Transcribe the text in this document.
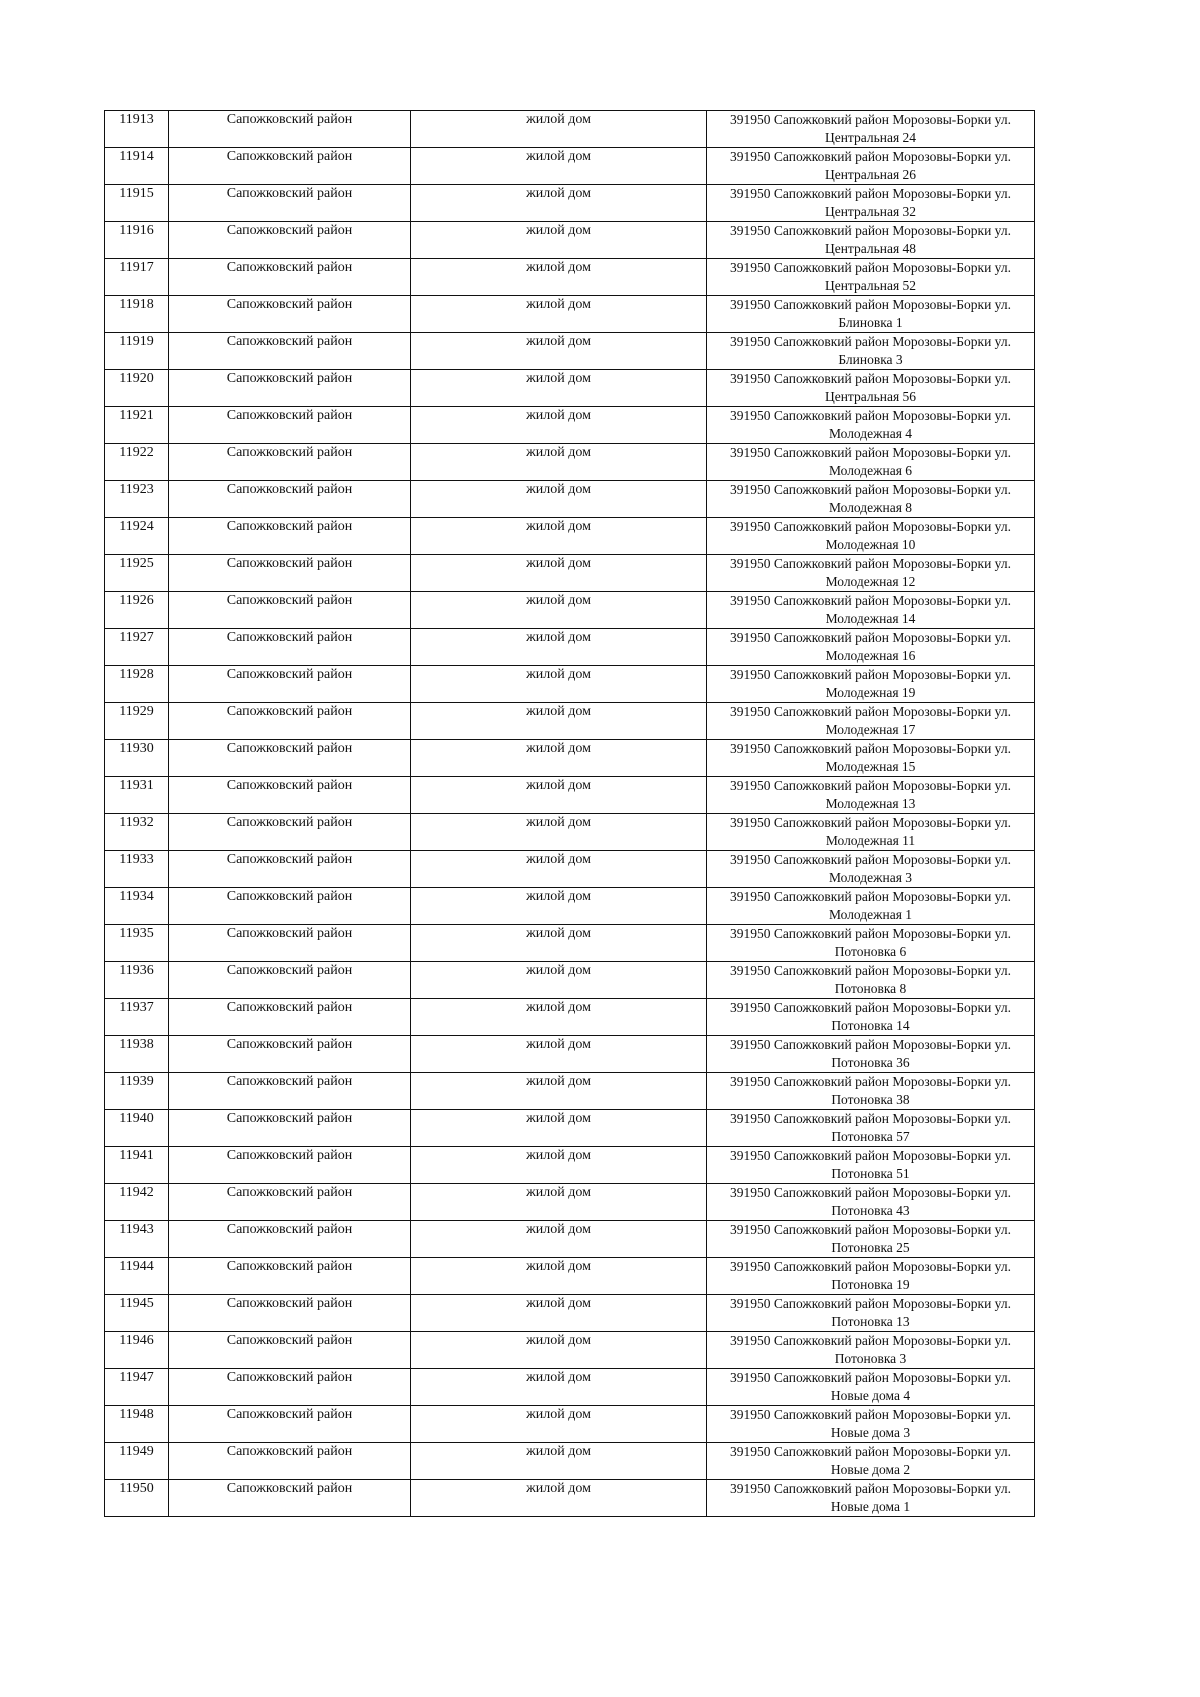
11913	Сапожковский район	жилой дом	391950 Сапожковкий район Морозовы-Борки ул.
Центральная 24

11914	Сапожковский район	жилой дом	391950 Сапожковкий район Морозовы-Борки ул.
Центральная 26

11915	Сапожковский район	жилой дом	391950 Сапожковкий район Морозовы-Борки ул.
Центральная 32

11916	Сапожковский район	жилой дом	391950 Сапожковкий район Морозовы-Борки ул.
Центральная 48

11917	Сапожковский район	жилой дом	391950 Сапожковкий район Морозовы-Борки ул.
Центральная 52

11918	Сапожковский район	жилой дом	391950 Сапожковкий район Морозовы-Борки ул.
Блиновка 1

11919	Сапожковский район	жилой дом	391950 Сапожковкий район Морозовы-Борки ул.
Блиновка 3

11920	Сапожковский район	жилой дом	391950 Сапожковкий район Морозовы-Борки ул.
Центральная 56

11921	Сапожковский район	жилой дом	391950 Сапожковкий район Морозовы-Борки ул.
Молодежная 4

11922	Сапожковский район	жилой дом	391950 Сапожковкий район Морозовы-Борки ул.
Молодежная 6

11923	Сапожковский район	жилой дом	391950 Сапожковкий район Морозовы-Борки ул.
Молодежная 8

11924	Сапожковский район	жилой дом	391950 Сапожковкий район Морозовы-Борки ул.
Молодежная 10

11925	Сапожковский район	жилой дом	391950 Сапожковкий район Морозовы-Борки ул.
Молодежная 12

11926	Сапожковский район	жилой дом	391950 Сапожковкий район Морозовы-Борки ул.
Молодежная 14

11927	Сапожковский район	жилой дом	391950 Сапожковкий район Морозовы-Борки ул.
Молодежная 16

11928	Сапожковский район	жилой дом	391950 Сапожковкий район Морозовы-Борки ул.
Молодежная 19

11929	Сапожковский район	жилой дом	391950 Сапожковкий район Морозовы-Борки ул.
Молодежная 17

11930	Сапожковский район	жилой дом	391950 Сапожковкий район Морозовы-Борки ул.
Молодежная 15

11931	Сапожковский район	жилой дом	391950 Сапожковкий район Морозовы-Борки ул.
Молодежная 13

11932	Сапожковский район	жилой дом	391950 Сапожковкий район Морозовы-Борки ул.
Молодежная 11

11933	Сапожковский район	жилой дом	391950 Сапожковкий район Морозовы-Борки ул.
Молодежная 3

11934	Сапожковский район	жилой дом	391950 Сапожковкий район Морозовы-Борки ул.
Молодежная 1

11935	Сапожковский район	жилой дом	391950 Сапожковкий район Морозовы-Борки ул.
Потоновка 6

11936	Сапожковский район	жилой дом	391950 Сапожковкий район Морозовы-Борки ул.
Потоновка 8

11937	Сапожковский район	жилой дом	391950 Сапожковкий район Морозовы-Борки ул.
Потоновка 14

11938	Сапожковский район	жилой дом	391950 Сапожковкий район Морозовы-Борки ул.
Потоновка 36

11939	Сапожковский район	жилой дом	391950 Сапожковкий район Морозовы-Борки ул.
Потоновка 38

11940	Сапожковский район	жилой дом	391950 Сапожковкий район Морозовы-Борки ул.
Потоновка 57

11941	Сапожковский район	жилой дом	391950 Сапожковкий район Морозовы-Борки ул.
Потоновка 51

11942	Сапожковский район	жилой дом	391950 Сапожковкий район Морозовы-Борки ул.
Потоновка 43

11943	Сапожковский район	жилой дом	391950 Сапожковкий район Морозовы-Борки ул.
Потоновка 25

11944	Сапожковский район	жилой дом	391950 Сапожковкий район Морозовы-Борки ул.
Потоновка 19

11945	Сапожковский район	жилой дом	391950 Сапожковкий район Морозовы-Борки ул.
Потоновка 13

11946	Сапожковский район	жилой дом	391950 Сапожковкий район Морозовы-Борки ул.
Потоновка 3

11947	Сапожковский район	жилой дом	391950 Сапожковкий район Морозовы-Борки ул.
Новые дома 4

11948	Сапожковский район	жилой дом	391950 Сапожковкий район Морозовы-Борки ул.
Новые дома 3

11949	Сапожковский район	жилой дом	391950 Сапожковкий район Морозовы-Борки ул.
Новые дома 2

11950	Сапожковский район	жилой дом	391950 Сапожковкий район Морозовы-Борки ул.
Новые дома 1
